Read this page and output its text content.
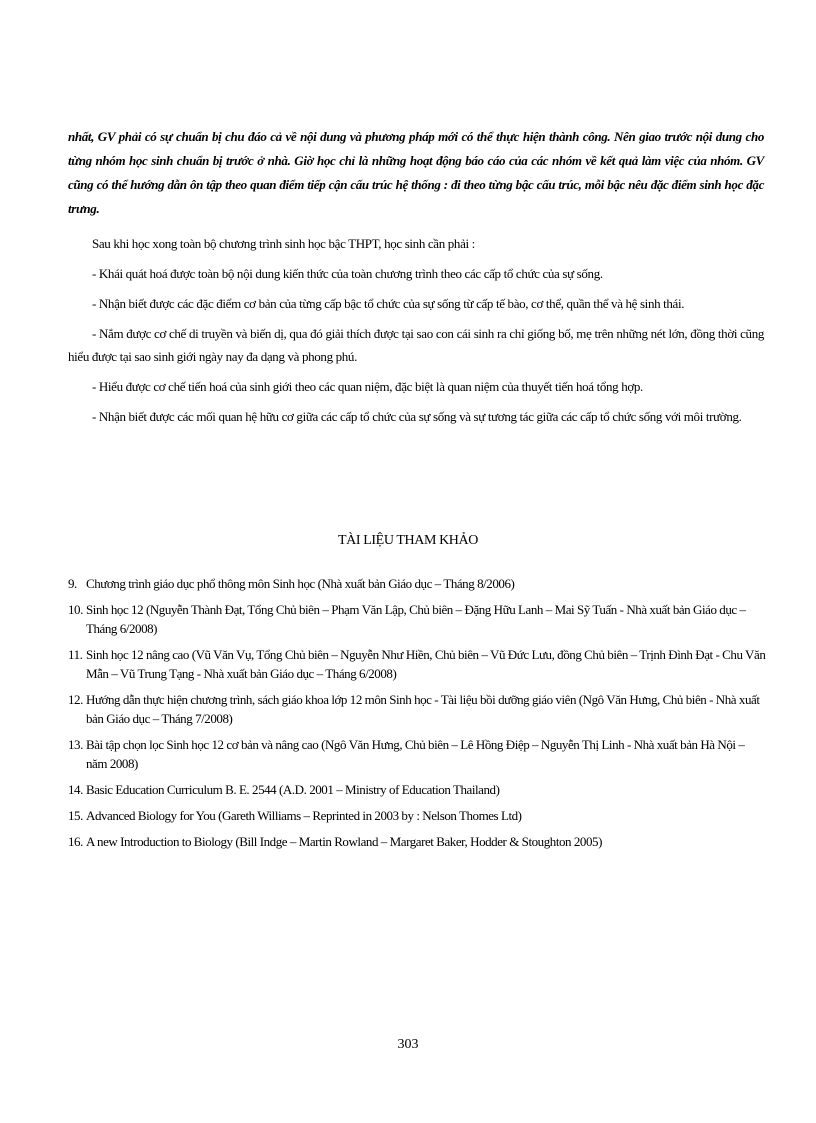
nhất, GV phải có sự chuẩn bị chu đáo cả về nội dung và phương pháp mới có thể thực hiện thành công. Nên giao trước nội dung cho từng nhóm học sinh chuẩn bị trước ở nhà. Giờ học chỉ là những hoạt động báo cáo của các nhóm về kết quả làm việc của nhóm. GV cũng có thể hướng dẫn ôn tập theo quan điểm tiếp cận cấu trúc hệ thống : đi theo từng bậc cấu trúc, mỗi bậc nêu đặc điểm sinh học đặc trưng.

Sau khi học xong toàn bộ chương trình sinh học bậc THPT, học sinh cần phải :

- Khái quát hoá được toàn bộ nội dung kiến thức của toàn chương trình theo các cấp tổ chức của sự sống.

- Nhận biết được các đặc điểm cơ bản của từng cấp bậc tổ chức của sự sống từ cấp tế bào, cơ thể, quần thể và hệ sinh thái.

- Nắm được cơ chế di truyền và biến dị, qua đó giải thích được tại sao con cái sinh ra chỉ giống bố, mẹ trên những nét lớn, đồng thời cũng hiểu được tại sao sinh giới ngày nay đa dạng và phong phú.

- Hiểu được cơ chế tiến hoá của sinh giới theo các quan niệm, đặc biệt là quan niệm của thuyết tiến hoá tổng hợp.

- Nhận biết được các mối quan hệ hữu cơ giữa các cấp tổ chức của sự sống và sự tương tác giữa các cấp tổ chức sống với môi trường.

TÀI LIỆU THAM KHẢO
9. Chương trình giáo dục phổ thông môn Sinh học (Nhà xuất bản Giáo dục – Tháng 8/2006)
10. Sinh học 12 (Nguyễn Thành Đạt, Tổng Chủ biên – Phạm Văn Lập, Chủ biên – Đặng Hữu Lanh – Mai Sỹ Tuấn - Nhà xuất bản Giáo dục – Tháng 6/2008)
11. Sinh học 12 nâng cao (Vũ Văn Vụ, Tổng Chủ biên – Nguyễn Như Hiền, Chủ biên – Vũ Đức Lưu, đồng Chủ biên – Trịnh Đình Đạt - Chu Văn Mẫn – Vũ Trung Tạng - Nhà xuất bản Giáo dục – Tháng 6/2008)
12. Hướng dẫn thực hiện chương trình, sách giáo khoa lớp 12 môn Sinh học - Tài liệu bồi dưỡng giáo viên (Ngô Văn Hưng, Chủ biên - Nhà xuất bản Giáo dục – Tháng 7/2008)
13. Bài tập chọn lọc Sinh học 12 cơ bản và nâng cao (Ngô Văn Hưng, Chủ biên – Lê Hồng Điệp – Nguyễn Thị Linh - Nhà xuất bản Hà Nội – năm 2008)
14. Basic Education Curriculum B. E. 2544 (A.D. 2001 – Ministry of Education Thailand)
15. Advanced Biology for You (Gareth Williams – Reprinted in 2003 by : Nelson Thomes Ltd)
16. A new Introduction to Biology (Bill Indge – Martin Rowland – Margaret Baker, Hodder & Stoughton 2005)
303
